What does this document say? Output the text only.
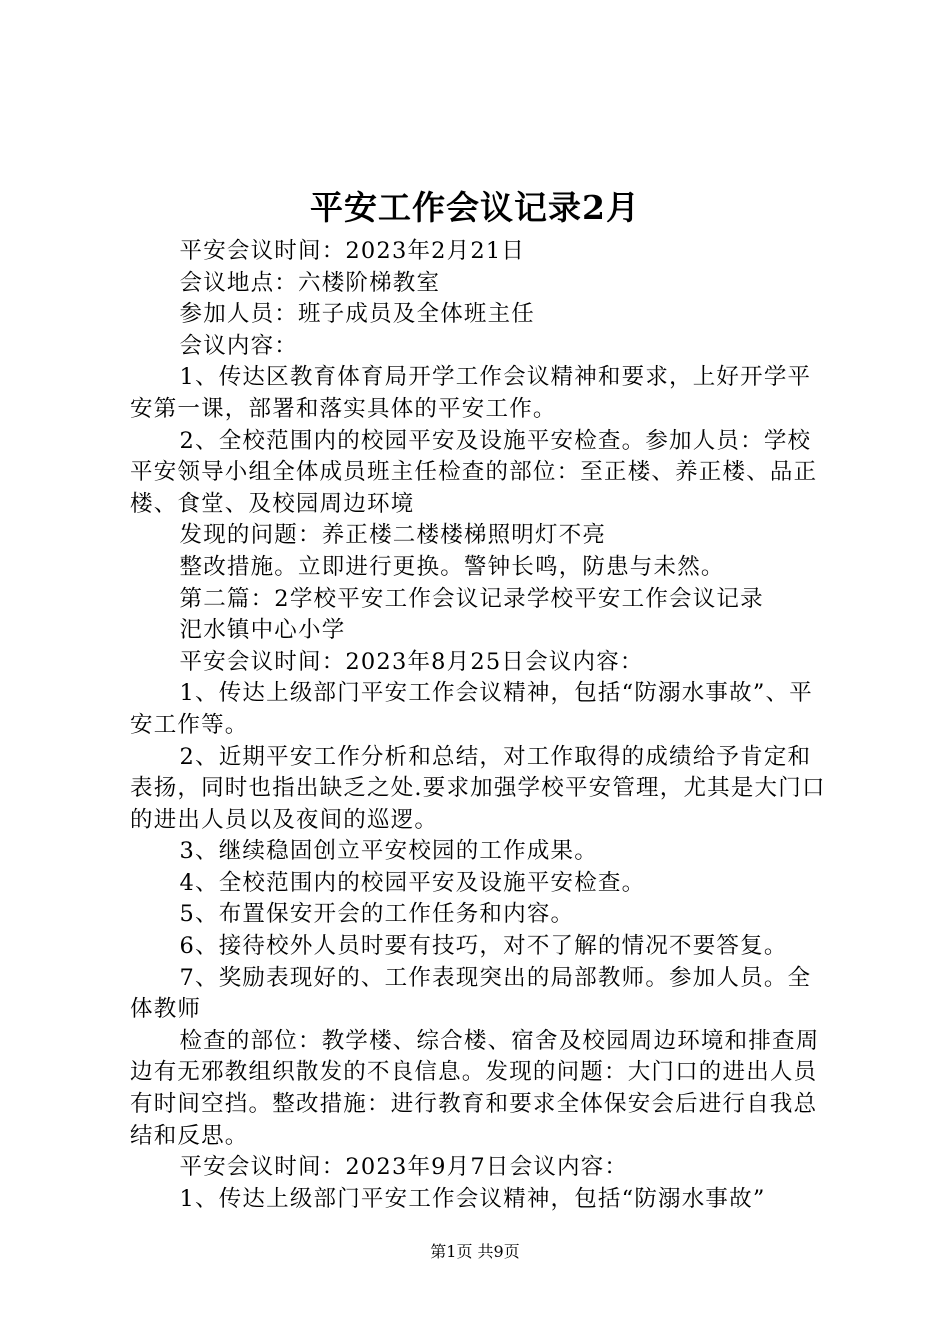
平安工作会议记录2月

平安会议时间：2023年2月21日

会议地点：六楼阶梯教室

参加人员：班子成员及全体班主任

会议内容：

1、传达区教育体育局开学工作会议精神和要求，上好开学平安第一课，部署和落实具体的平安工作。

2、全校范围内的校园平安及设施平安检查。参加人员：学校平安领导小组全体成员班主任检查的部位：至正楼、养正楼、品正楼、食堂、及校园周边环境

发现的问题：养正楼二楼楼梯照明灯不亮

整改措施。立即进行更换。警钟长鸣，防患与未然。

第二篇：2学校平安工作会议记录学校平安工作会议记录

汜水镇中心小学

平安会议时间：2023年8月25日会议内容：

1、传达上级部门平安工作会议精神，包括“防溺水事故”、平安工作等。

2、近期平安工作分析和总结，对工作取得的成绩给予肯定和表扬，同时也指出缺乏之处.要求加强学校平安管理，尤其是大门口的进出人员以及夜间的巡逻。

3、继续稳固创立平安校园的工作成果。

4、全校范围内的校园平安及设施平安检查。

5、布置保安开会的工作任务和内容。

6、接待校外人员时要有技巧，对不了解的情况不要答复。

7、奖励表现好的、工作表现突出的局部教师。参加人员。全体教师

检查的部位：教学楼、综合楼、宿舍及校园周边环境和排查周边有无邪教组织散发的不良信息。发现的问题：大门口的进出人员有时间空挡。整改措施：进行教育和要求全体保安会后进行自我总结和反思。

平安会议时间：2023年9月7日会议内容：

1、传达上级部门平安工作会议精神，包括“防溺水事故”

第1页 共9页
